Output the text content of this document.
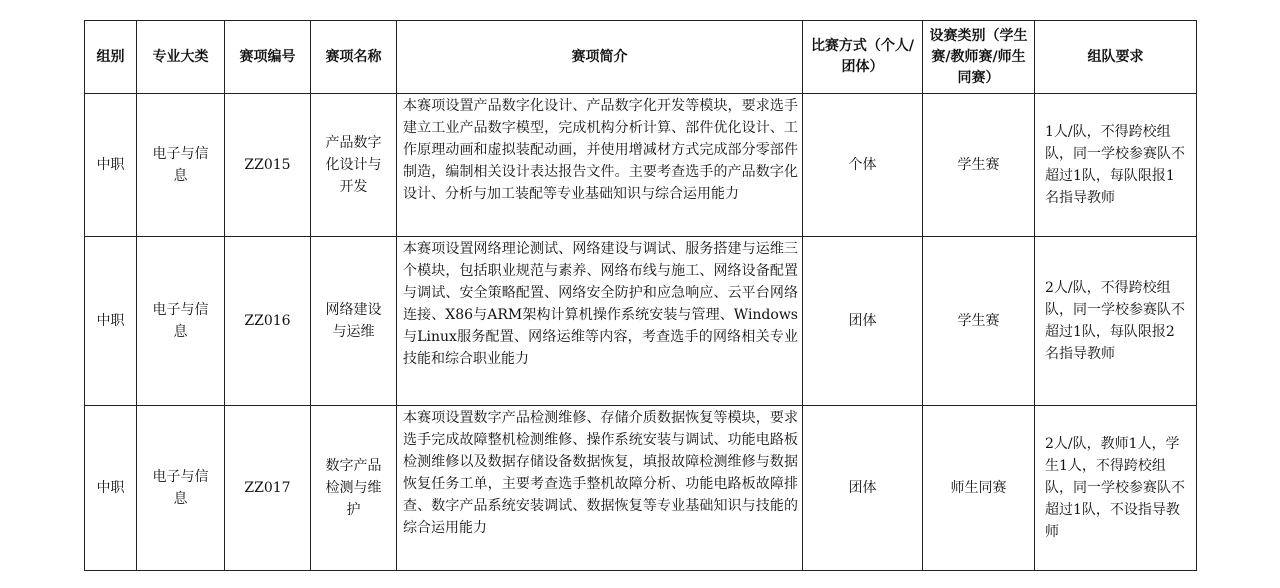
组别	专业大类	赛项编号	赛项名称	赛项简介	比赛方式（个人/团体）	设赛类别（学生赛/教师赛/师生同赛）	组队要求
中职	电子与信息	ZZ015	产品数字化设计与开发	本赛项设置产品数字化设计、产品数字化开发等模块，要求选手建立工业产品数字模型，完成机构分析计算、部件优化设计、工作原理动画和虚拟装配动画，并使用增减材方式完成部分零部件制造，编制相关设计表达报告文件。主要考查选手的产品数字化设计、分析与加工装配等专业基础知识与综合运用能力	个体	学生赛	1人/队，不得跨校组队，同一学校参赛队不超过1队，每队限报1名指导教师
中职	电子与信息	ZZ016	网络建设与运维	本赛项设置网络理论测试、网络建设与调试、服务搭建与运维三个模块，包括职业规范与素养、网络布线与施工、网络设备配置与调试、安全策略配置、网络安全防护和应急响应、云平台网络连接、X86与ARM架构计算机操作系统安装与管理、Windows与Linux服务配置、网络运维等内容，考查选手的网络相关专业技能和综合职业能力	团体	学生赛	2人/队，不得跨校组队，同一学校参赛队不超过1队，每队限报2名指导教师
中职	电子与信息	ZZ017	数字产品检测与维护	本赛项设置数字产品检测维修、存储介质数据恢复等模块，要求选手完成故障整机检测维修、操作系统安装与调试、功能电路板检测维修以及数据存储设备数据恢复，填报故障检测维修与数据恢复任务工单，主要考查选手整机故障分析、功能电路板故障排查、数字产品系统安装调试、数据恢复等专业基础知识与技能的综合运用能力	团体	师生同赛	2人/队，教师1人，学生1人，不得跨校组队，同一学校参赛队不超过1队，不设指导教师
